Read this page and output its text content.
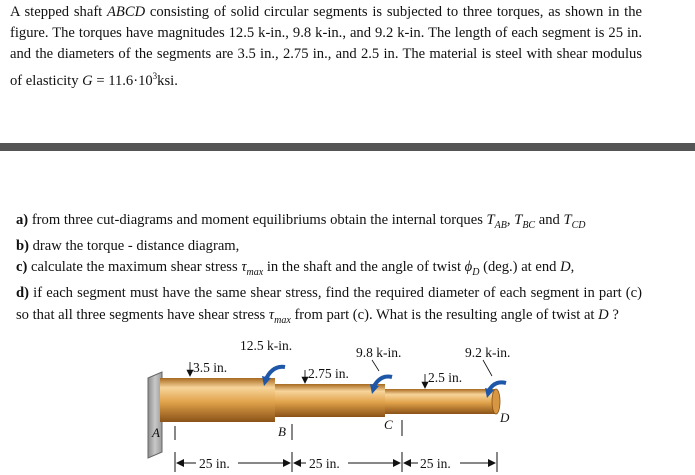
A stepped shaft ABCD consisting of solid circular segments is subjected to three torques, as shown in the figure. The torques have magnitudes 12.5 k-in., 9.8 k-in., and 9.2 k-in. The length of each segment is 25 in. and the diameters of the segments are 3.5 in., 2.75 in., and 2.5 in. The material is steel with shear modulus of elasticity $G = 11.6\cdot 10^3ksi$.

a) from three cut-diagrams and moment equilibriums obtain the internal torques $T_{AB}$, $T_{BC}$ and $T_{CD}$

b) draw the torque - distance diagram,

c) calculate the maximum shear stress $\tau_{max}$ in the shaft and the angle of twist $\phi_D$ (deg.) at end D,

d) if each segment must have the same shear stress, find the required diameter of each segment in part (c) so that all three segments have shear stress $\tau_{max}$ from part (c). What is the resulting angle of twist at D ?

A	B	C	D
12.5 k-in.	9.8 k-in.	9.2 k-in.
3.5 in.	2.75 in.	2.5 in.
25 in.	25 in.	25 in.
